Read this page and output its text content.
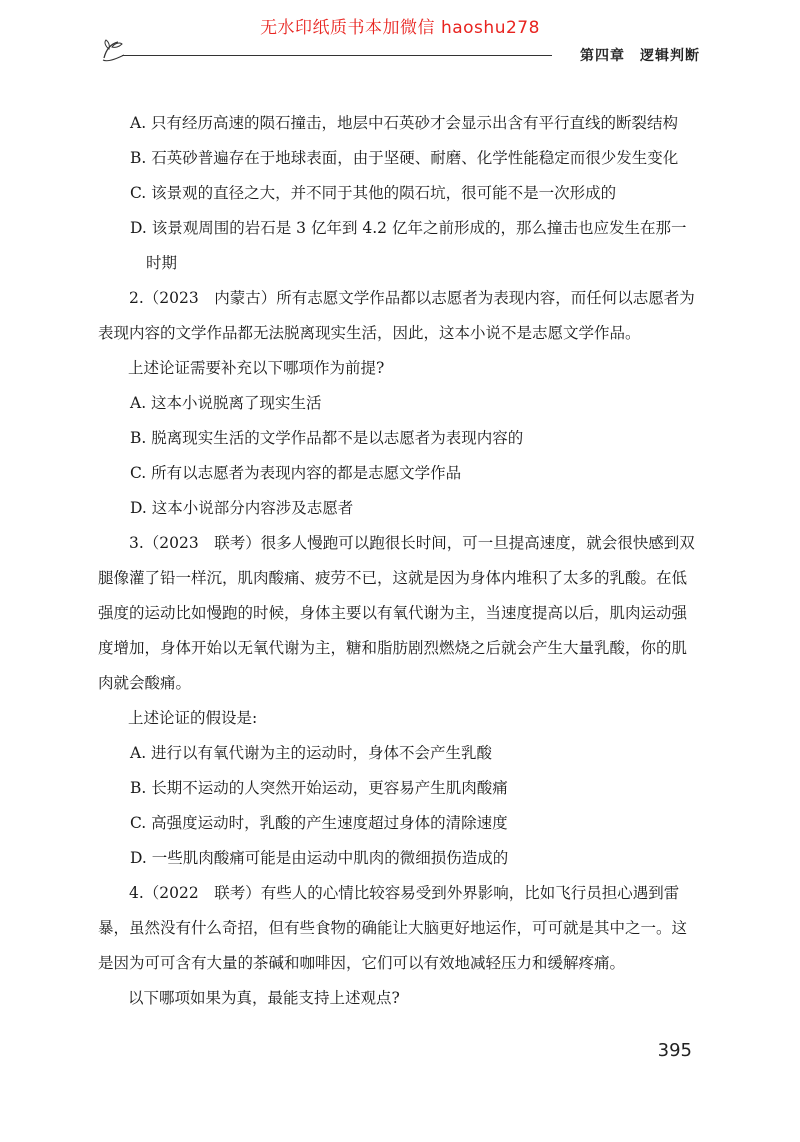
无水印纸质书本加微信 haoshu278
第四章　逻辑判断

A. 只有经历高速的陨石撞击，地层中石英砂才会显示出含有平行直线的断裂结构

B. 石英砂普遍存在于地球表面，由于坚硬、耐磨、化学性能稳定而很少发生变化

C. 该景观的直径之大，并不同于其他的陨石坑，很可能不是一次形成的

D. 该景观周围的岩石是 3 亿年到 4.2 亿年之前形成的，那么撞击也应发生在那一

时期

2.（2023　内蒙古）所有志愿文学作品都以志愿者为表现内容，而任何以志愿者为表现内容的文学作品都无法脱离现实生活，因此，这本小说不是志愿文学作品。

上述论证需要补充以下哪项作为前提?

A. 这本小说脱离了现实生活

B. 脱离现实生活的文学作品都不是以志愿者为表现内容的

C. 所有以志愿者为表现内容的都是志愿文学作品

D. 这本小说部分内容涉及志愿者

3.（2023　联考）很多人慢跑可以跑很长时间，可一旦提高速度，就会很快感到双腿像灌了铅一样沉，肌肉酸痛、疲劳不已，这就是因为身体内堆积了太多的乳酸。在低强度的运动比如慢跑的时候，身体主要以有氧代谢为主，当速度提高以后，肌肉运动强度增加，身体开始以无氧代谢为主，糖和脂肪剧烈燃烧之后就会产生大量乳酸，你的肌肉就会酸痛。

上述论证的假设是:

A. 进行以有氧代谢为主的运动时，身体不会产生乳酸

B. 长期不运动的人突然开始运动，更容易产生肌肉酸痛

C. 高强度运动时，乳酸的产生速度超过身体的清除速度

D. 一些肌肉酸痛可能是由运动中肌肉的微细损伤造成的

4.（2022　联考）有些人的心情比较容易受到外界影响，比如飞行员担心遇到雷暴，虽然没有什么奇招，但有些食物的确能让大脑更好地运作，可可就是其中之一。这是因为可可含有大量的茶碱和咖啡因，它们可以有效地减轻压力和缓解疼痛。

以下哪项如果为真，最能支持上述观点?

395
